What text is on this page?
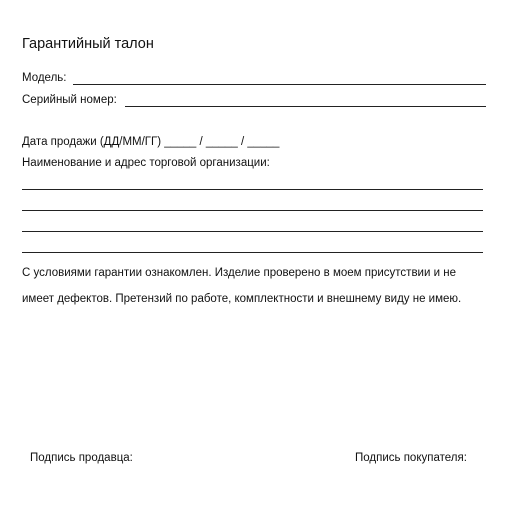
Гарантийный талон
Модель:
Серийный номер:
Дата продажи (ДД/ММ/ГГ) _____ / _____ / _____
Наименование и адрес торговой организации:
С условиями гарантии ознакомлен. Изделие проверено в моем присутствии и не
имеет дефектов. Претензий по работе, комплектности и внешнему виду не имею.
Подпись продавца:	Подпись покупателя:
